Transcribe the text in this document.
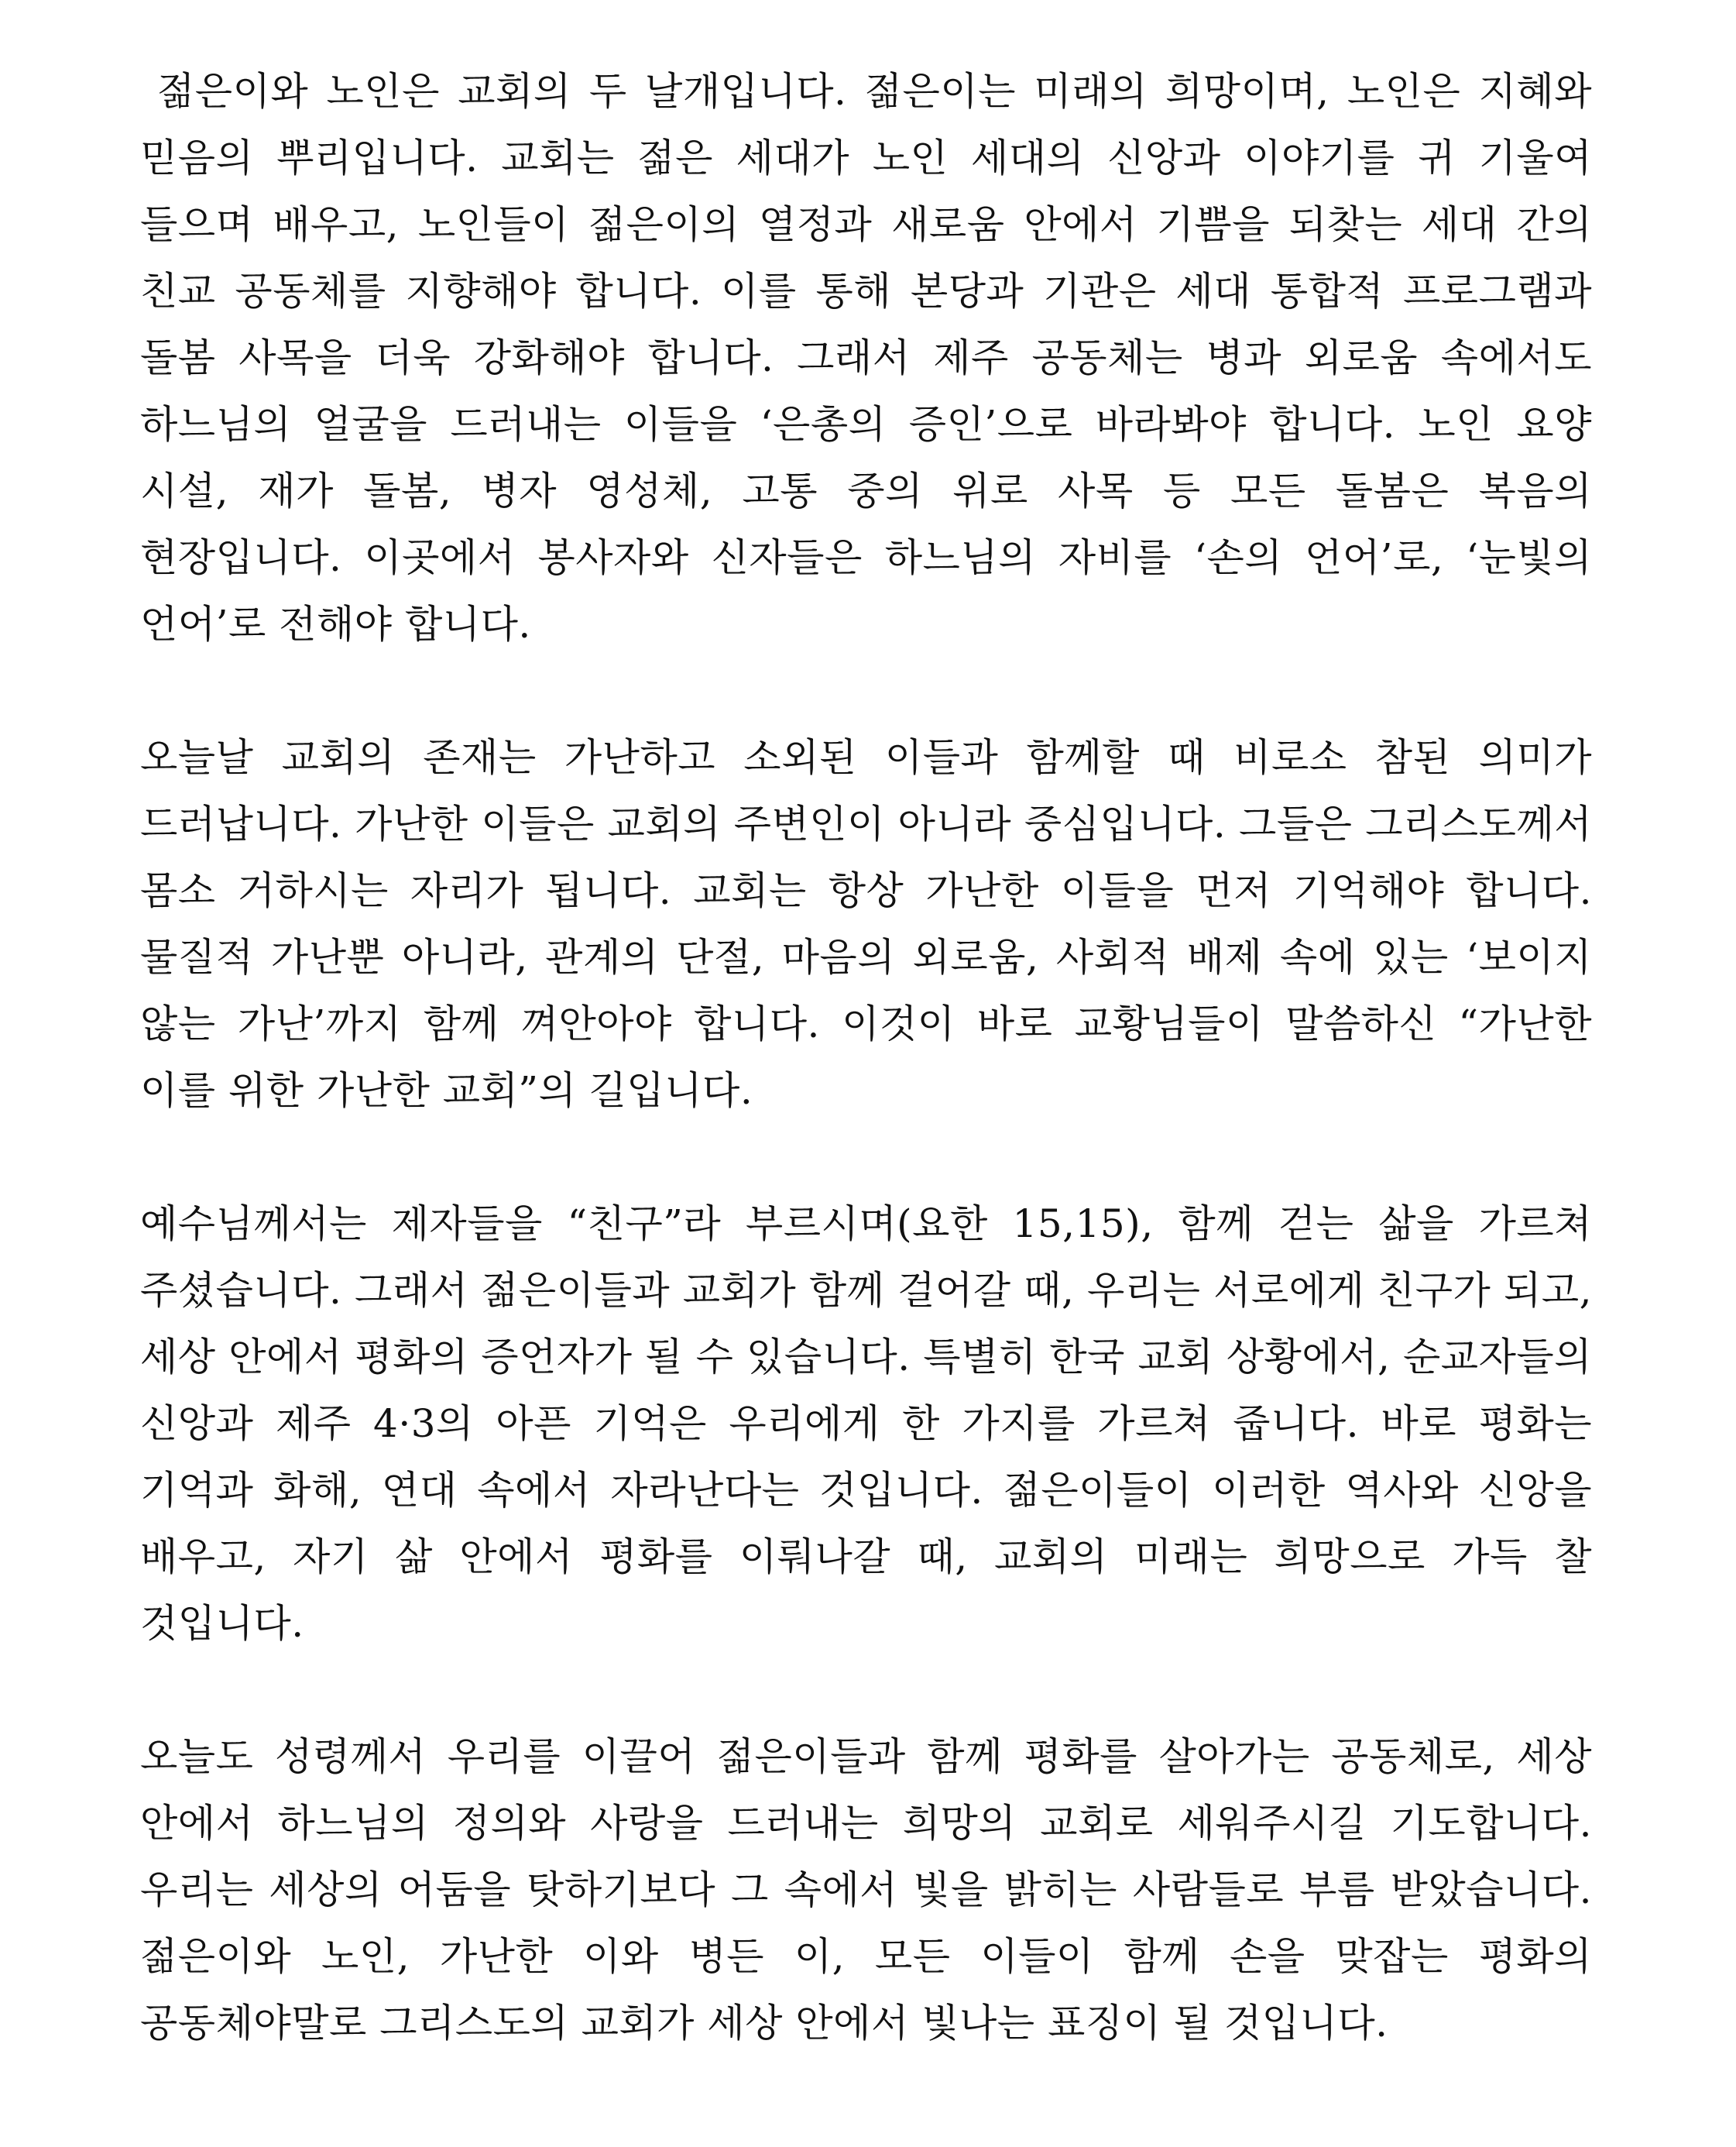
젊은이와 노인은 교회의 두 날개입니다. 젊은이는 미래의 희망이며, 노인은 지혜와 믿음의 뿌리입니다. 교회는 젊은 세대가 노인 세대의 신앙과 이야기를 귀 기울여 들으며 배우고, 노인들이 젊은이의 열정과 새로움 안에서 기쁨을 되찾는 세대 간의 친교 공동체를 지향해야 합니다. 이를 통해 본당과 기관은 세대 통합적 프로그램과 돌봄 사목을 더욱 강화해야 합니다. 그래서 제주 공동체는 병과 외로움 속에서도 하느님의 얼굴을 드러내는 이들을 ‘은총의 증인’으로 바라봐야 합니다. 노인 요양 시설, 재가 돌봄, 병자 영성체, 고통 중의 위로 사목 등 모든 돌봄은 복음의 현장입니다. 이곳에서 봉사자와 신자들은 하느님의 자비를 ‘손의 언어’로, ‘눈빛의 언어’로 전해야 합니다.

오늘날 교회의 존재는 가난하고 소외된 이들과 함께할 때 비로소 참된 의미가 드러납니다. 가난한 이들은 교회의 주변인이 아니라 중심입니다. 그들은 그리스도께서 몸소 거하시는 자리가 됩니다. 교회는 항상 가난한 이들을 먼저 기억해야 합니다. 물질적 가난뿐 아니라, 관계의 단절, 마음의 외로움, 사회적 배제 속에 있는 ‘보이지 않는 가난’까지 함께 껴안아야 합니다. 이것이 바로 교황님들이 말씀하신 “가난한 이를 위한 가난한 교회”의 길입니다.

예수님께서는 제자들을 “친구”라 부르시며(요한 15,15), 함께 걷는 삶을 가르쳐 주셨습니다. 그래서 젊은이들과 교회가 함께 걸어갈 때, 우리는 서로에게 친구가 되고, 세상 안에서 평화의 증언자가 될 수 있습니다. 특별히 한국 교회 상황에서, 순교자들의 신앙과 제주 4·3의 아픈 기억은 우리에게 한 가지를 가르쳐 줍니다. 바로 평화는 기억과 화해, 연대 속에서 자라난다는 것입니다. 젊은이들이 이러한 역사와 신앙을 배우고, 자기 삶 안에서 평화를 이뤄나갈 때, 교회의 미래는 희망으로 가득 찰 것입니다.

오늘도 성령께서 우리를 이끌어 젊은이들과 함께 평화를 살아가는 공동체로, 세상 안에서 하느님의 정의와 사랑을 드러내는 희망의 교회로 세워주시길 기도합니다. 우리는 세상의 어둠을 탓하기보다 그 속에서 빛을 밝히는 사람들로 부름 받았습니다. 젊은이와 노인, 가난한 이와 병든 이, 모든 이들이 함께 손을 맞잡는 평화의 공동체야말로 그리스도의 교회가 세상 안에서 빛나는 표징이 될 것입니다.
